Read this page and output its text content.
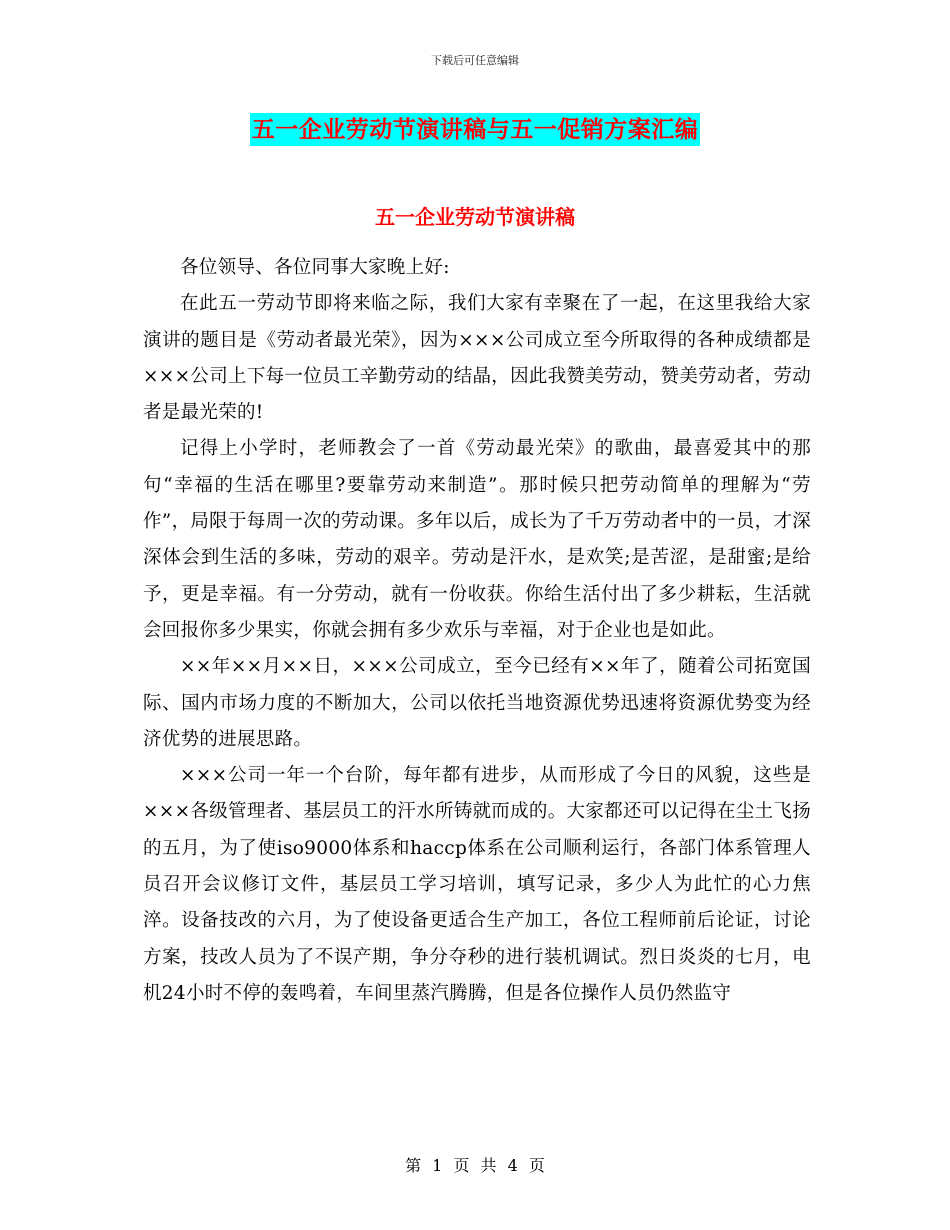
下载后可任意编辑
五一企业劳动节演讲稿与五一促销方案汇编
五一企业劳动节演讲稿

各位领导、各位同事大家晚上好:

在此五一劳动节即将来临之际，我们大家有幸聚在了一起，在这里我给大家演讲的题目是《劳动者最光荣》，因为×××公司成立至今所取得的各种成绩都是×××公司上下每一位员工辛勤劳动的结晶，因此我赞美劳动，赞美劳动者，劳动者是最光荣的!

记得上小学时，老师教会了一首《劳动最光荣》的歌曲，最喜爱其中的那句“幸福的生活在哪里?要靠劳动来制造”。那时候只把劳动简单的理解为“劳作”，局限于每周一次的劳动课。多年以后，成长为了千万劳动者中的一员，才深深体会到生活的多味，劳动的艰辛。劳动是汗水，是欢笑;是苦涩，是甜蜜;是给予，更是幸福。有一分劳动，就有一份收获。你给生活付出了多少耕耘，生活就会回报你多少果实，你就会拥有多少欢乐与幸福，对于企业也是如此。

××年××月××日，×××公司成立，至今已经有××年了，随着公司拓宽国际、国内市场力度的不断加大，公司以依托当地资源优势迅速将资源优势变为经济优势的进展思路。

×××公司一年一个台阶，每年都有进步，从而形成了今日的风貌，这些是×××各级管理者、基层员工的汗水所铸就而成的。大家都还可以记得在尘土飞扬的五月，为了使iso9000体系和haccp体系在公司顺利运行，各部门体系管理人员召开会议修订文件，基层员工学习培训，填写记录，多少人为此忙的心力焦淬。设备技改的六月，为了使设备更适合生产加工，各位工程师前后论证，讨论方案，技改人员为了不误产期，争分夺秒的进行装机调试。烈日炎炎的七月，电机24小时不停的轰鸣着，车间里蒸汽腾腾，但是各位操作人员仍然监守

第 1 页 共 4 页
